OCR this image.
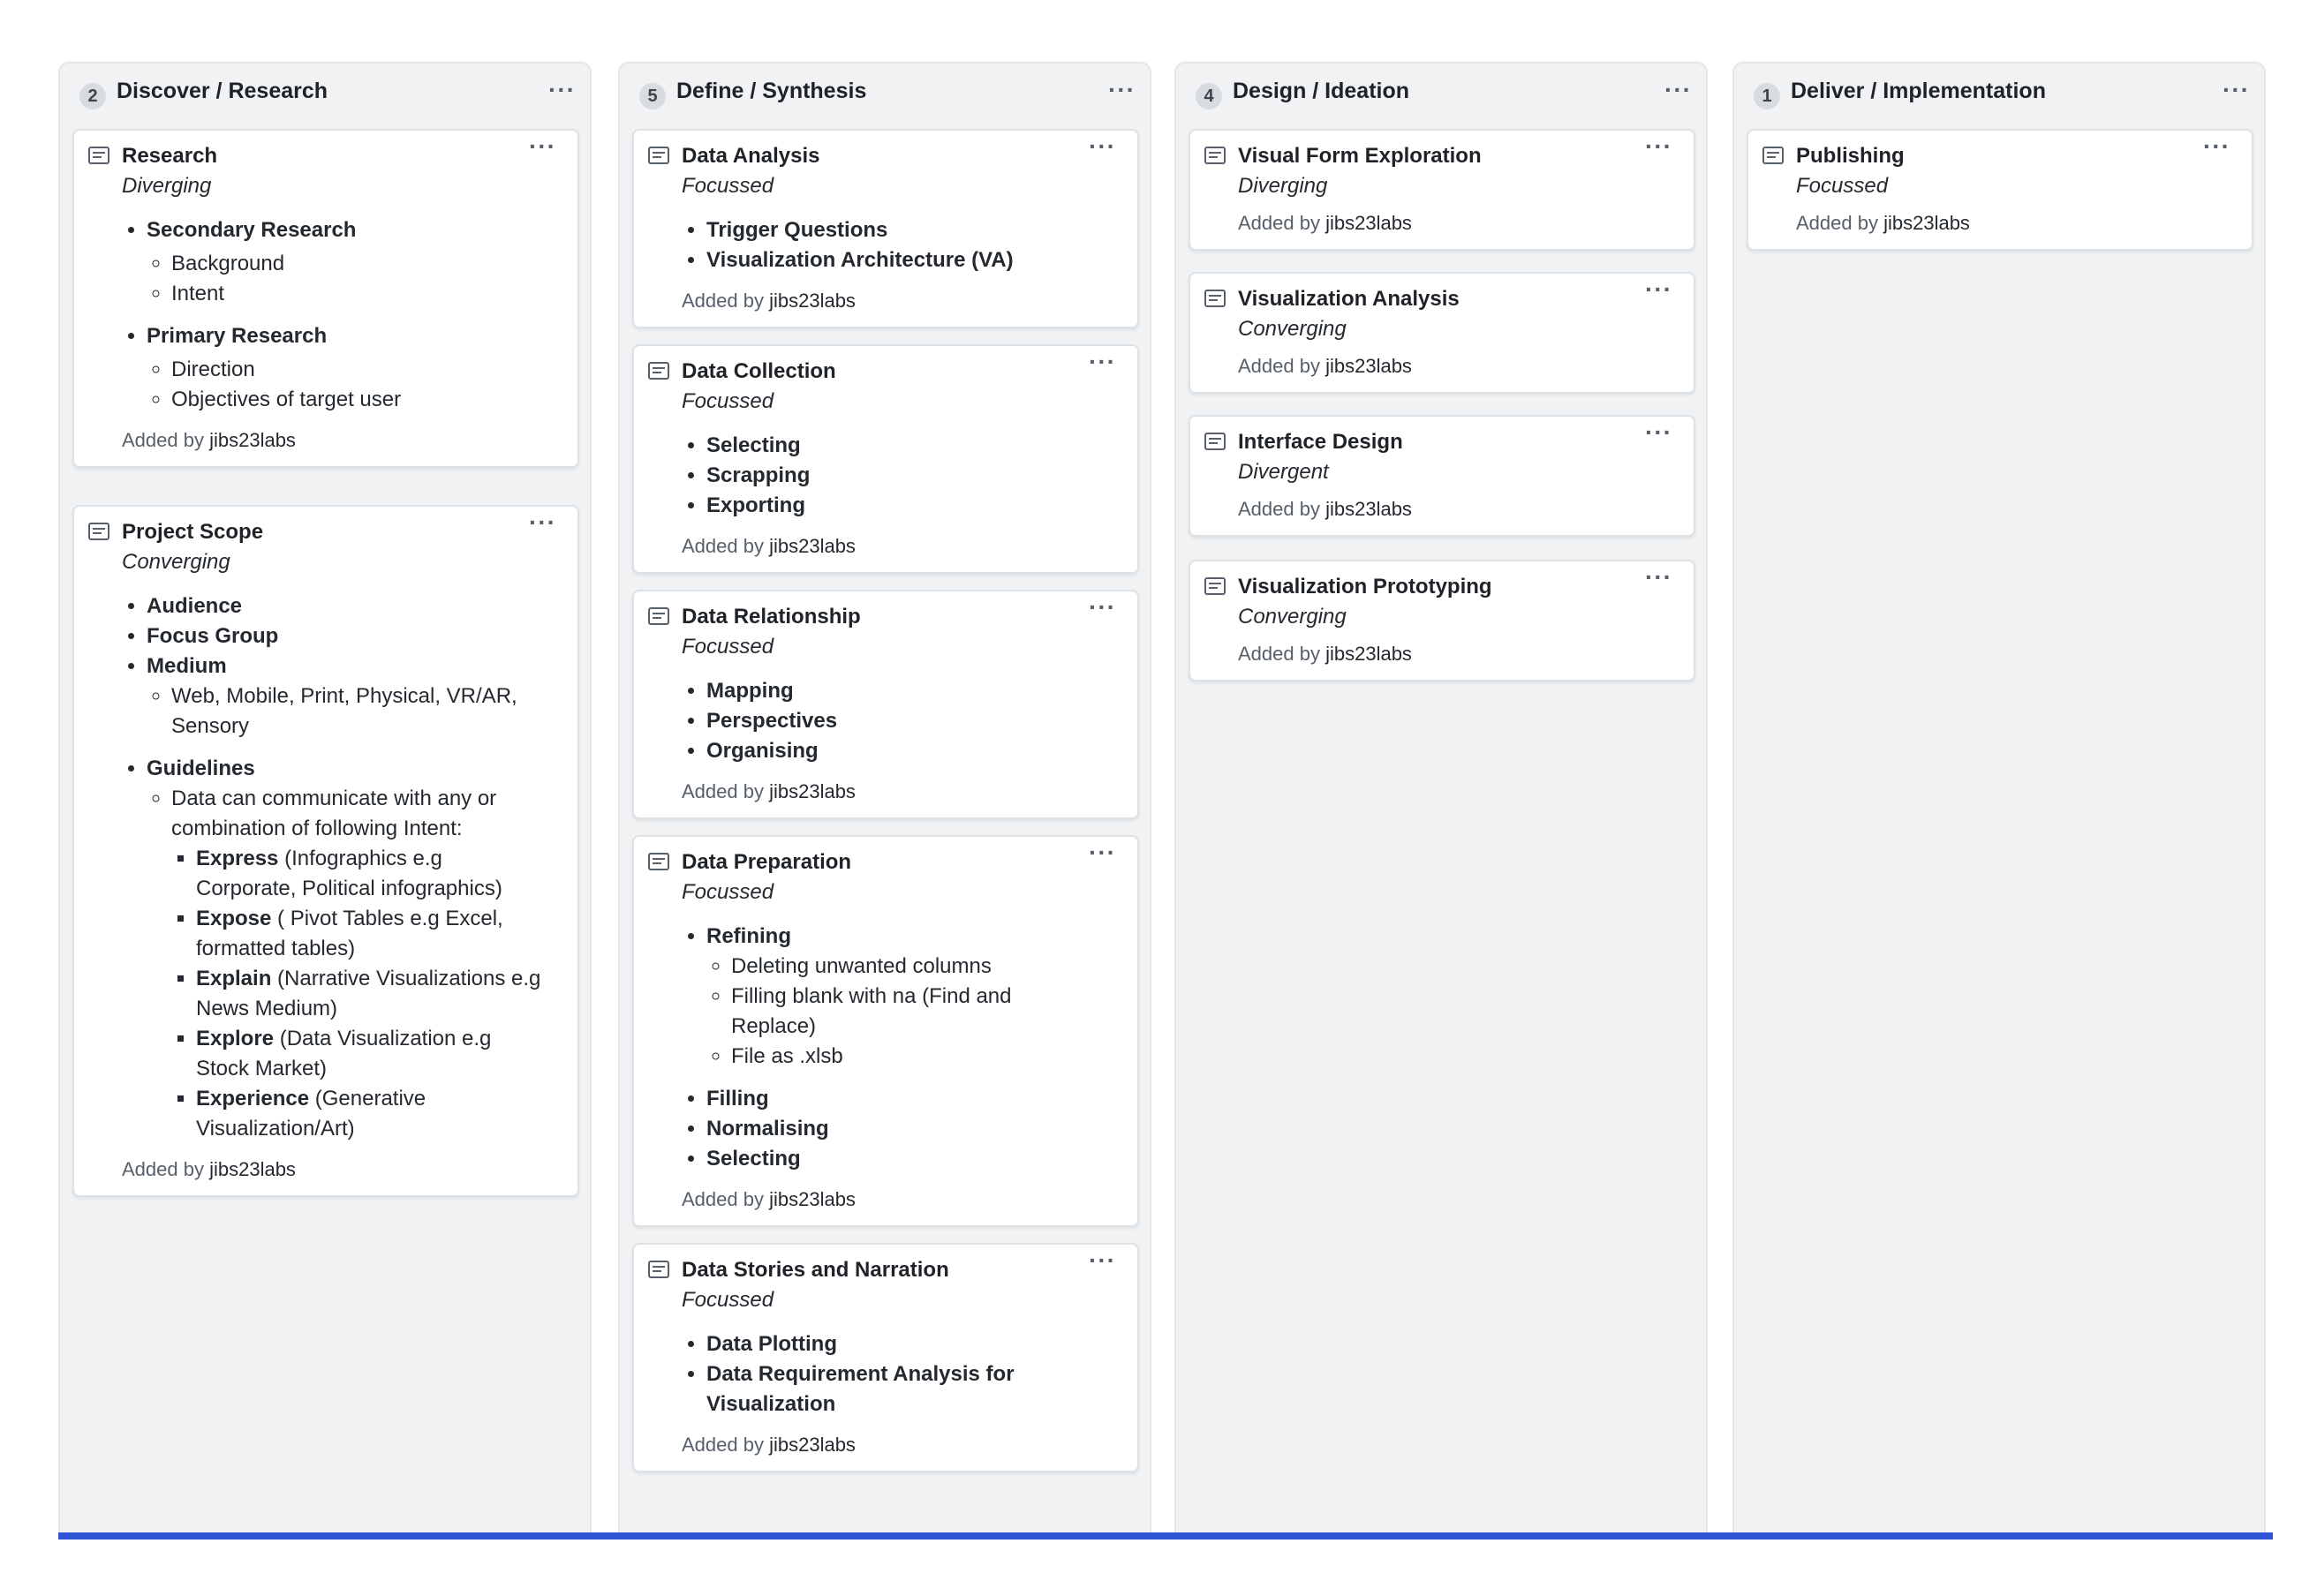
2 Discover / Research	···
···
Research
Diverging
• Secondary Research
◦ Background
◦ Intent
• Primary Research
◦ Direction
◦ Objectives of target user
Added by jibs23labs
···
Project Scope
Converging
• Audience
• Focus Group
• Medium
◦ Web, Mobile, Print, Physical, VR/AR, Sensory
• Guidelines
◦ Data can communicate with any or combination of following Intent:
▪ Express (Infographics e.g Corporate, Political infographics)
▪ Expose ( Pivot Tables e.g Excel, formatted tables)
▪ Explain (Narrative Visualizations e.g News Medium)
▪ Explore (Data Visualization e.g Stock Market)
▪ Experience (Generative Visualization/Art)
Added by jibs23labs
5 Define / Synthesis	···
···
Data Analysis
Focussed
• Trigger Questions
• Visualization Architecture (VA)
Added by jibs23labs
···
Data Collection
Focussed
• Selecting
• Scrapping
• Exporting
Added by jibs23labs
···
Data Relationship
Focussed
• Mapping
• Perspectives
• Organising
Added by jibs23labs
···
Data Preparation
Focussed
• Refining
◦ Deleting unwanted columns
◦ Filling blank with na (Find and Replace)
◦ File as .xlsb
• Filling
• Normalising
• Selecting
Added by jibs23labs
···
Data Stories and Narration
Focussed
• Data Plotting
• Data Requirement Analysis for Visualization
Added by jibs23labs
4 Design / Ideation	···
···
Visual Form Exploration
Diverging
Added by jibs23labs
···
Visualization Analysis
Converging
Added by jibs23labs
···
Interface Design
Divergent
Added by jibs23labs
···
Visualization Prototyping
Converging
Added by jibs23labs
1 Deliver / Implementation	···
···
Publishing
Focussed
Added by jibs23labs
